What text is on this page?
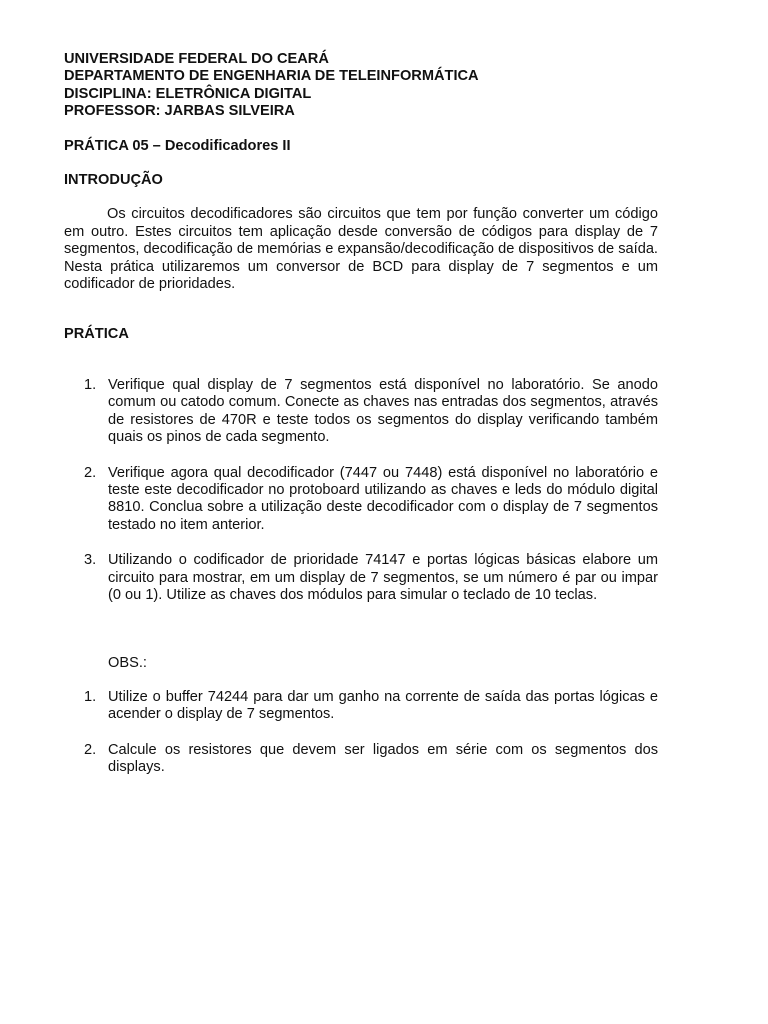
UNIVERSIDADE FEDERAL DO CEARÁ

DEPARTAMENTO DE ENGENHARIA DE TELEINFORMÁTICA

DISCIPLINA: ELETRÔNICA DIGITAL

PROFESSOR: JARBAS SILVEIRA

PRÁTICA 05 – Decodificadores II

INTRODUÇÃO

Os circuitos decodificadores são circuitos que tem por função converter um código em outro. Estes circuitos tem aplicação desde conversão de códigos para display de 7 segmentos, decodificação de memórias e expansão/decodificação de dispositivos de saída. Nesta prática utilizaremos um conversor de BCD para display de 7 segmentos e um codificador de prioridades.

PRÁTICA

1. Verifique qual display de 7 segmentos está disponível no laboratório. Se anodo comum ou catodo comum. Conecte as chaves nas entradas dos segmentos, através de resistores de 470R e teste todos os segmentos do display verificando também quais os pinos de cada segmento.
2. Verifique agora qual decodificador (7447 ou 7448) está disponível no laboratório e teste este decodificador no protoboard utilizando as chaves e leds do módulo digital 8810. Conclua sobre a utilização deste decodificador com o display de 7 segmentos testado no item anterior.
3. Utilizando o codificador de prioridade 74147 e portas lógicas básicas elabore um circuito para mostrar, em um display de 7 segmentos, se um número é par ou impar (0 ou 1). Utilize as chaves dos módulos para simular o teclado de 10 teclas.

OBS.:

1. Utilize o buffer 74244 para dar um ganho na corrente de saída das portas lógicas e acender o display de 7 segmentos.
2. Calcule os resistores que devem ser ligados em série com os segmentos dos displays.
